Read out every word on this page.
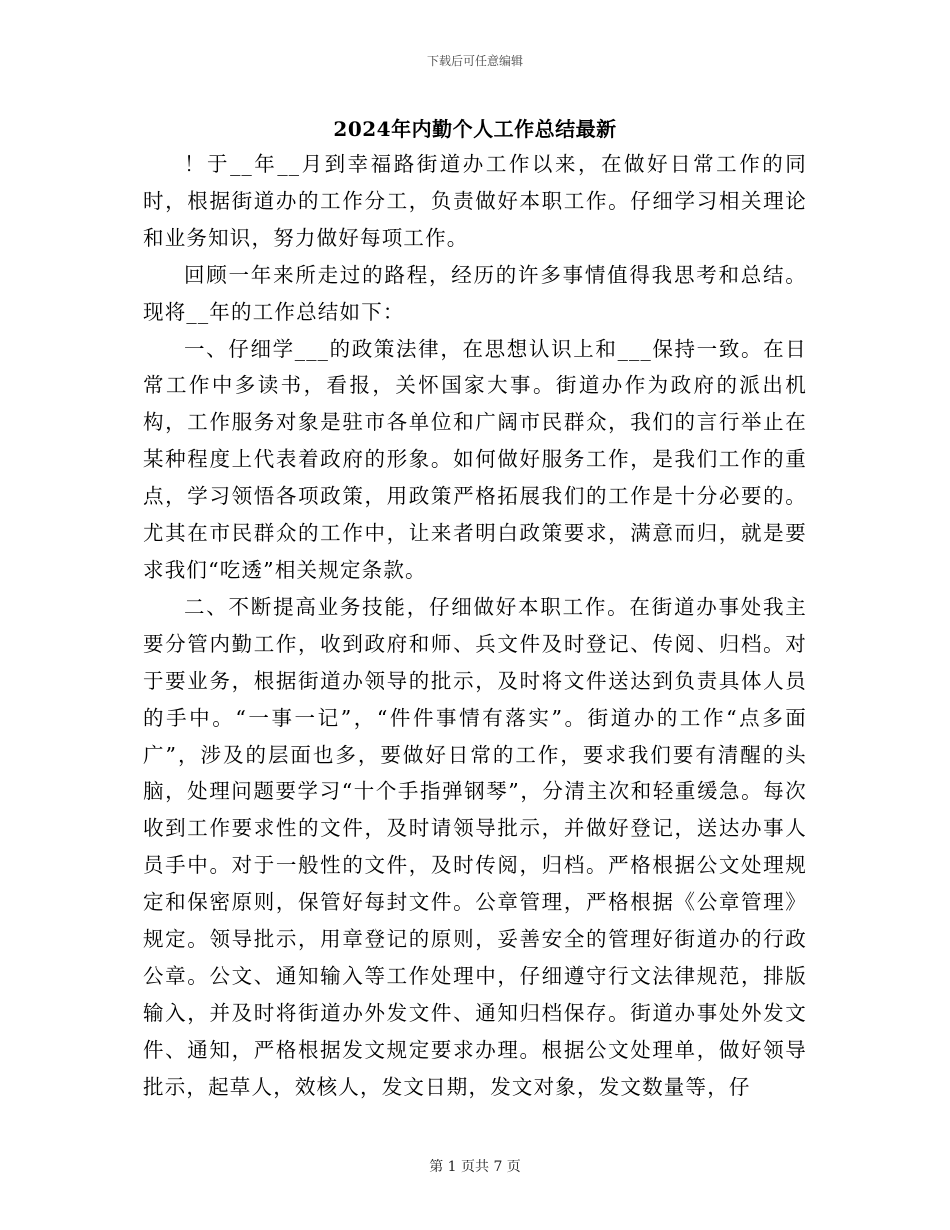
下载后可任意编辑
2024年内勤个人工作总结最新

！于__年__月到幸福路街道办工作以来，在做好日常工作的同时，根据街道办的工作分工，负责做好本职工作。仔细学习相关理论和业务知识，努力做好每项工作。

回顾一年来所走过的路程，经历的许多事情值得我思考和总结。现将__年的工作总结如下：

一、仔细学___的政策法律，在思想认识上和___保持一致。在日常工作中多读书，看报，关怀国家大事。街道办作为政府的派出机构，工作服务对象是驻市各单位和广阔市民群众，我们的言行举止在某种程度上代表着政府的形象。如何做好服务工作，是我们工作的重点，学习领悟各项政策，用政策严格拓展我们的工作是十分必要的。尤其在市民群众的工作中，让来者明白政策要求，满意而归，就是要求我们“吃透”相关规定条款。

二、不断提高业务技能，仔细做好本职工作。在街道办事处我主要分管内勤工作，收到政府和师、兵文件及时登记、传阅、归档。对于要业务，根据街道办领导的批示，及时将文件送达到负责具体人员的手中。“一事一记”，“件件事情有落实”。街道办的工作“点多面广”，涉及的层面也多，要做好日常的工作，要求我们要有清醒的头脑，处理问题要学习“十个手指弹钢琴”，分清主次和轻重缓急。每次收到工作要求性的文件，及时请领导批示，并做好登记，送达办事人员手中。对于一般性的文件，及时传阅，归档。严格根据公文处理规定和保密原则，保管好每封文件。公章管理，严格根据《公章管理》规定。领导批示，用章登记的原则，妥善安全的管理好街道办的行政公章。公文、通知输入等工作处理中，仔细遵守行文法律规范，排版输入，并及时将街道办外发文件、通知归档保存。街道办事处外发文件、通知，严格根据发文规定要求办理。根据公文处理单，做好领导批示，起草人，效核人，发文日期，发文对象，发文数量等，仔

第 1 页共 7 页
